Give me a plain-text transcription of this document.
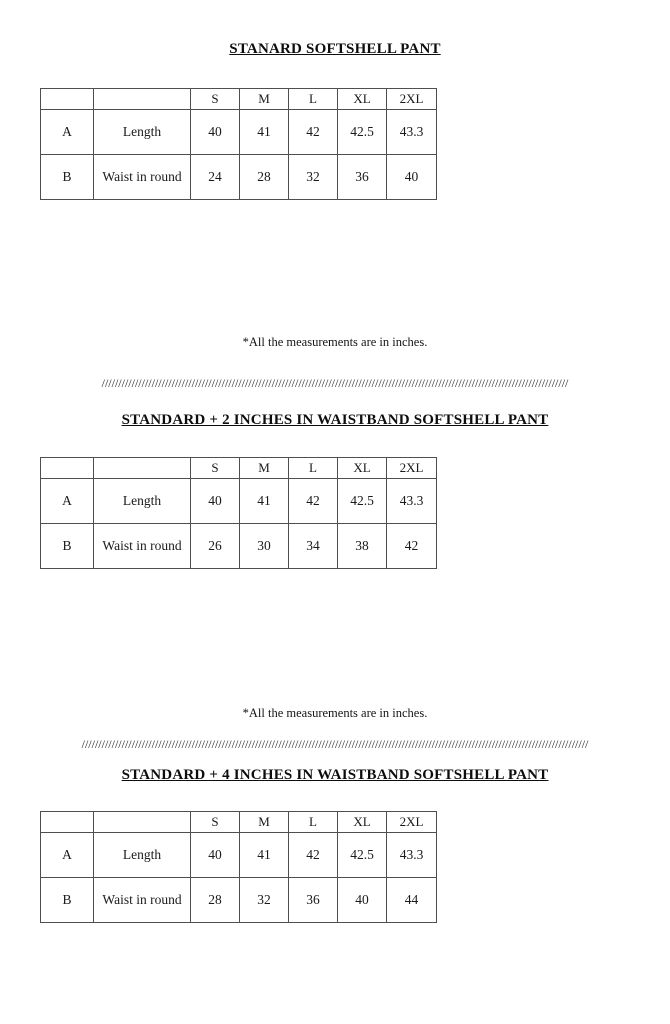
STANARD SOFTSHELL PANT
		S	M	L	XL	2XL
A	Length	40	41	42	42.5	43.3
B	Waist in round	24	28	32	36	40

*All the measurements are in inches.

////////////////////////////////////////////////////////////////////////////////////////////////////////////////////////////////////////////
STANDARD + 2 INCHES IN WAISTBAND SOFTSHELL PANT
		S	M	L	XL	2XL
A	Length	40	41	42	42.5	43.3
B	Waist in round	26	30	34	38	42

*All the measurements are in inches.

////////////////////////////////////////////////////////////////////////////////////////////////////////////////////////////////////////////////////////
STANDARD + 4 INCHES IN WAISTBAND SOFTSHELL PANT
		S	M	L	XL	2XL
A	Length	40	41	42	42.5	43.3
B	Waist in round	28	32	36	40	44
